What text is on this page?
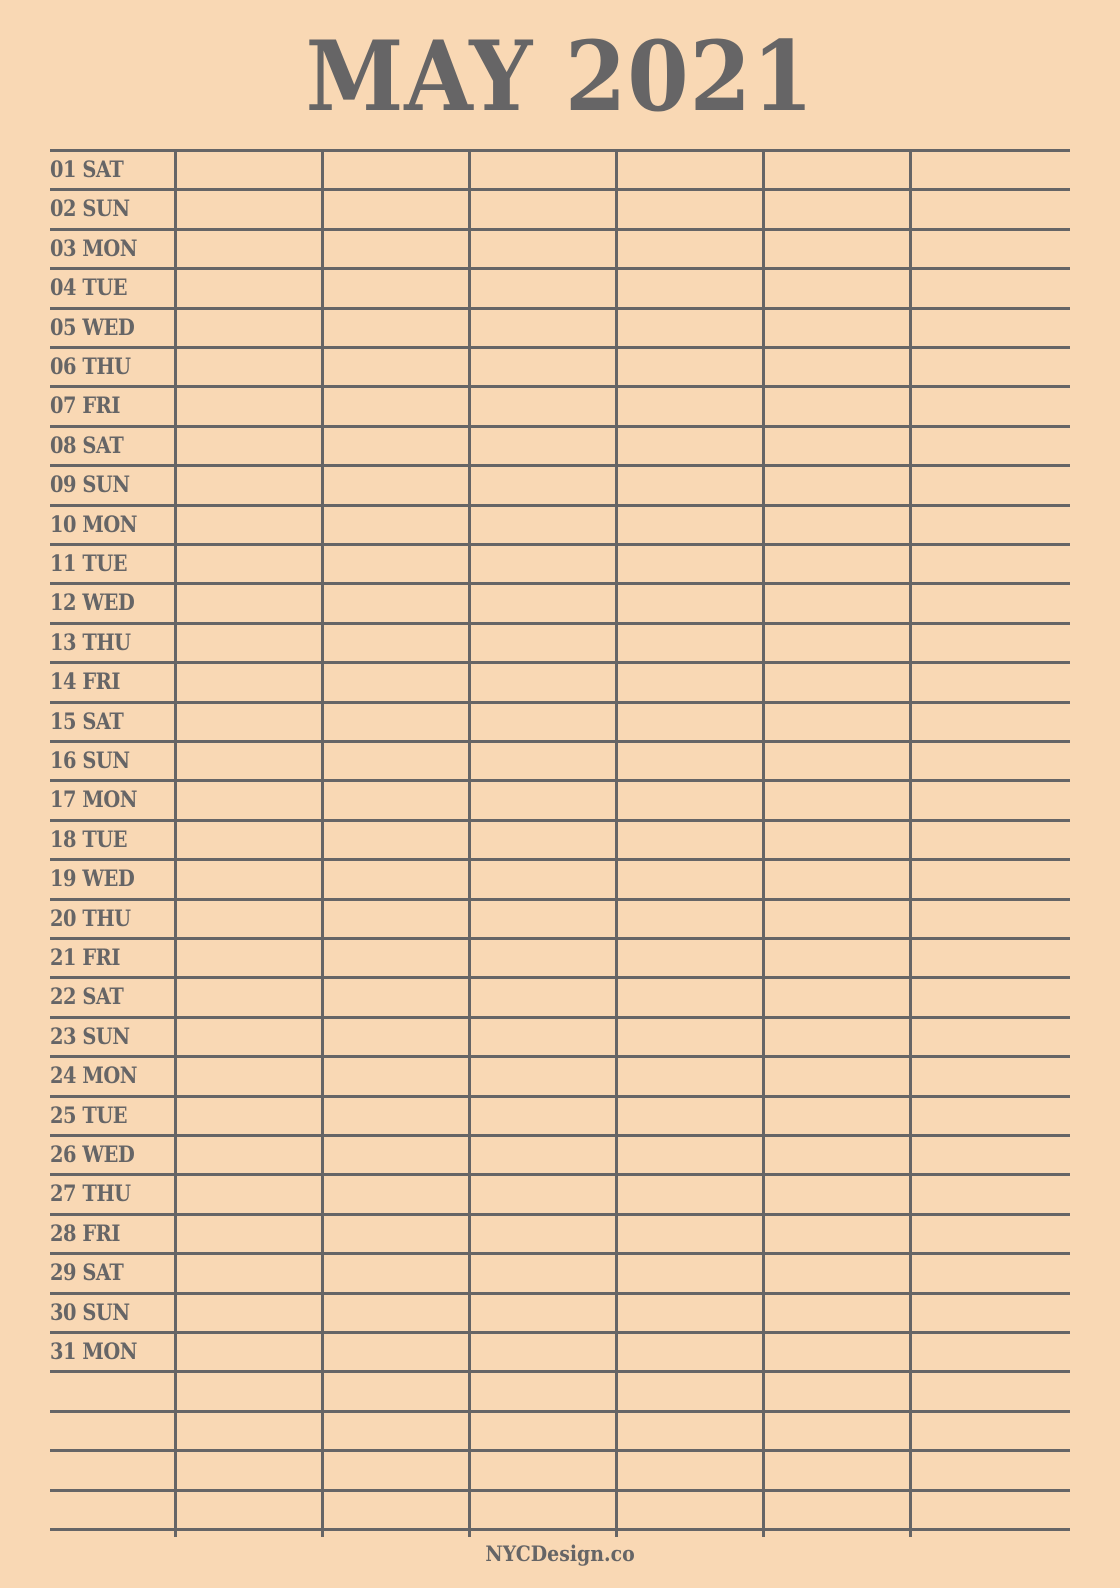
MAY 2021
01 SAT
02 SUN
03 MON
04 TUE
05 WED
06 THU
07 FRI
08 SAT
09 SUN
10 MON
11 TUE
12 WED
13 THU
14 FRI
15 SAT
16 SUN
17 MON
18 TUE
19 WED
20 THU
21 FRI
22 SAT
23 SUN
24 MON
25 TUE
26 WED
27 THU
28 FRI
29 SAT
30 SUN
31 MON
NYCDesign.co
